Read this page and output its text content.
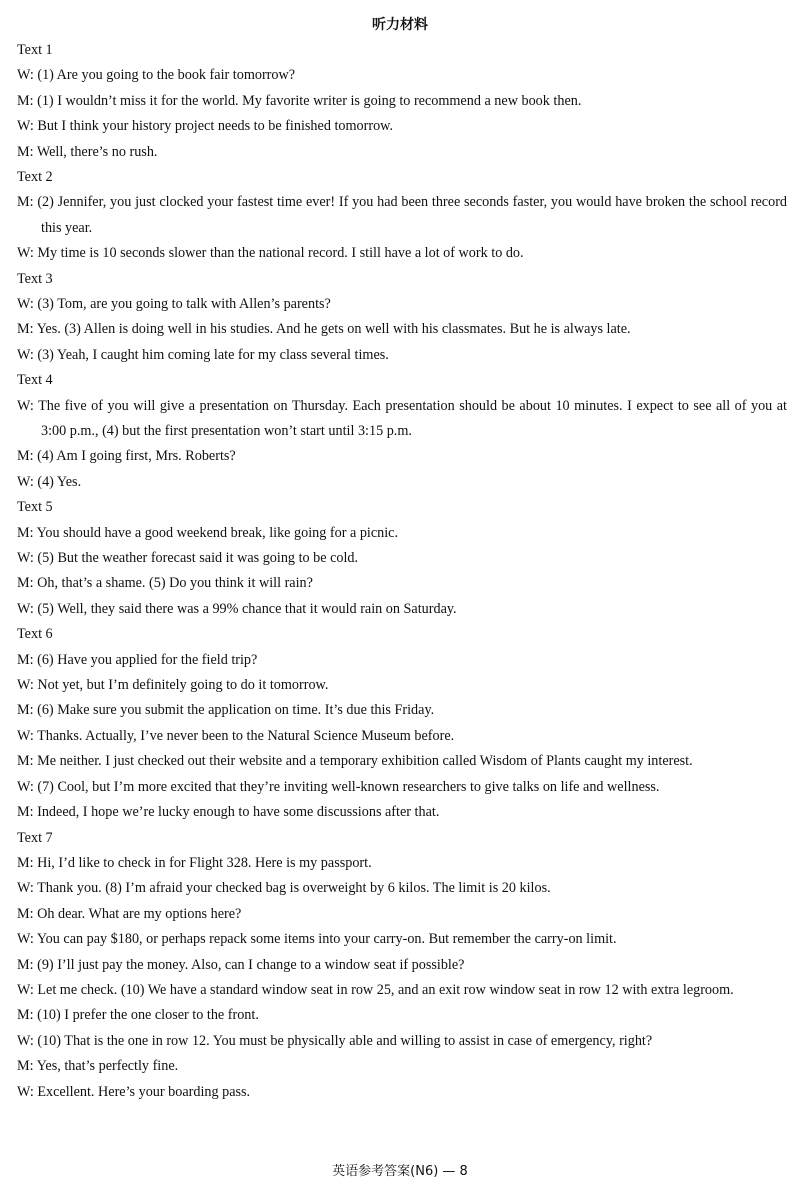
听力材料
Text 1
W: (1) Are you going to the book fair tomorrow?
M: (1) I wouldn’t miss it for the world. My favorite writer is going to recommend a new book then.
W: But I think your history project needs to be finished tomorrow.
M: Well, there’s no rush.
Text 2
M: (2) Jennifer, you just clocked your fastest time ever! If you had been three seconds faster, you would have broken the school record this year.
W: My time is 10 seconds slower than the national record. I still have a lot of work to do.
Text 3
W: (3) Tom, are you going to talk with Allen’s parents?
M: Yes. (3) Allen is doing well in his studies. And he gets on well with his classmates. But he is always late.
W: (3) Yeah, I caught him coming late for my class several times.
Text 4
W: The five of you will give a presentation on Thursday. Each presentation should be about 10 minutes. I expect to see all of you at 3:00 p.m., (4) but the first presentation won’t start until 3:15 p.m.
M: (4) Am I going first, Mrs. Roberts?
W: (4) Yes.
Text 5
M: You should have a good weekend break, like going for a picnic.
W: (5) But the weather forecast said it was going to be cold.
M: Oh, that’s a shame. (5) Do you think it will rain?
W: (5) Well, they said there was a 99% chance that it would rain on Saturday.
Text 6
M: (6) Have you applied for the field trip?
W: Not yet, but I’m definitely going to do it tomorrow.
M: (6) Make sure you submit the application on time. It’s due this Friday.
W: Thanks. Actually, I’ve never been to the Natural Science Museum before.
M: Me neither. I just checked out their website and a temporary exhibition called Wisdom of Plants caught my interest.
W: (7) Cool, but I’m more excited that they’re inviting well-known researchers to give talks on life and wellness.
M: Indeed, I hope we’re lucky enough to have some discussions after that.
Text 7
M: Hi, I’d like to check in for Flight 328. Here is my passport.
W: Thank you. (8) I’m afraid your checked bag is overweight by 6 kilos. The limit is 20 kilos.
M: Oh dear. What are my options here?
W: You can pay $180, or perhaps repack some items into your carry-on. But remember the carry-on limit.
M: (9) I’ll just pay the money. Also, can I change to a window seat if possible?
W: Let me check. (10) We have a standard window seat in row 25, and an exit row window seat in row 12 with extra legroom.
M: (10) I prefer the one closer to the front.
W: (10) That is the one in row 12. You must be physically able and willing to assist in case of emergency, right?
M: Yes, that’s perfectly fine.
W: Excellent. Here’s your boarding pass.
英语参考答案(N6) — 8
